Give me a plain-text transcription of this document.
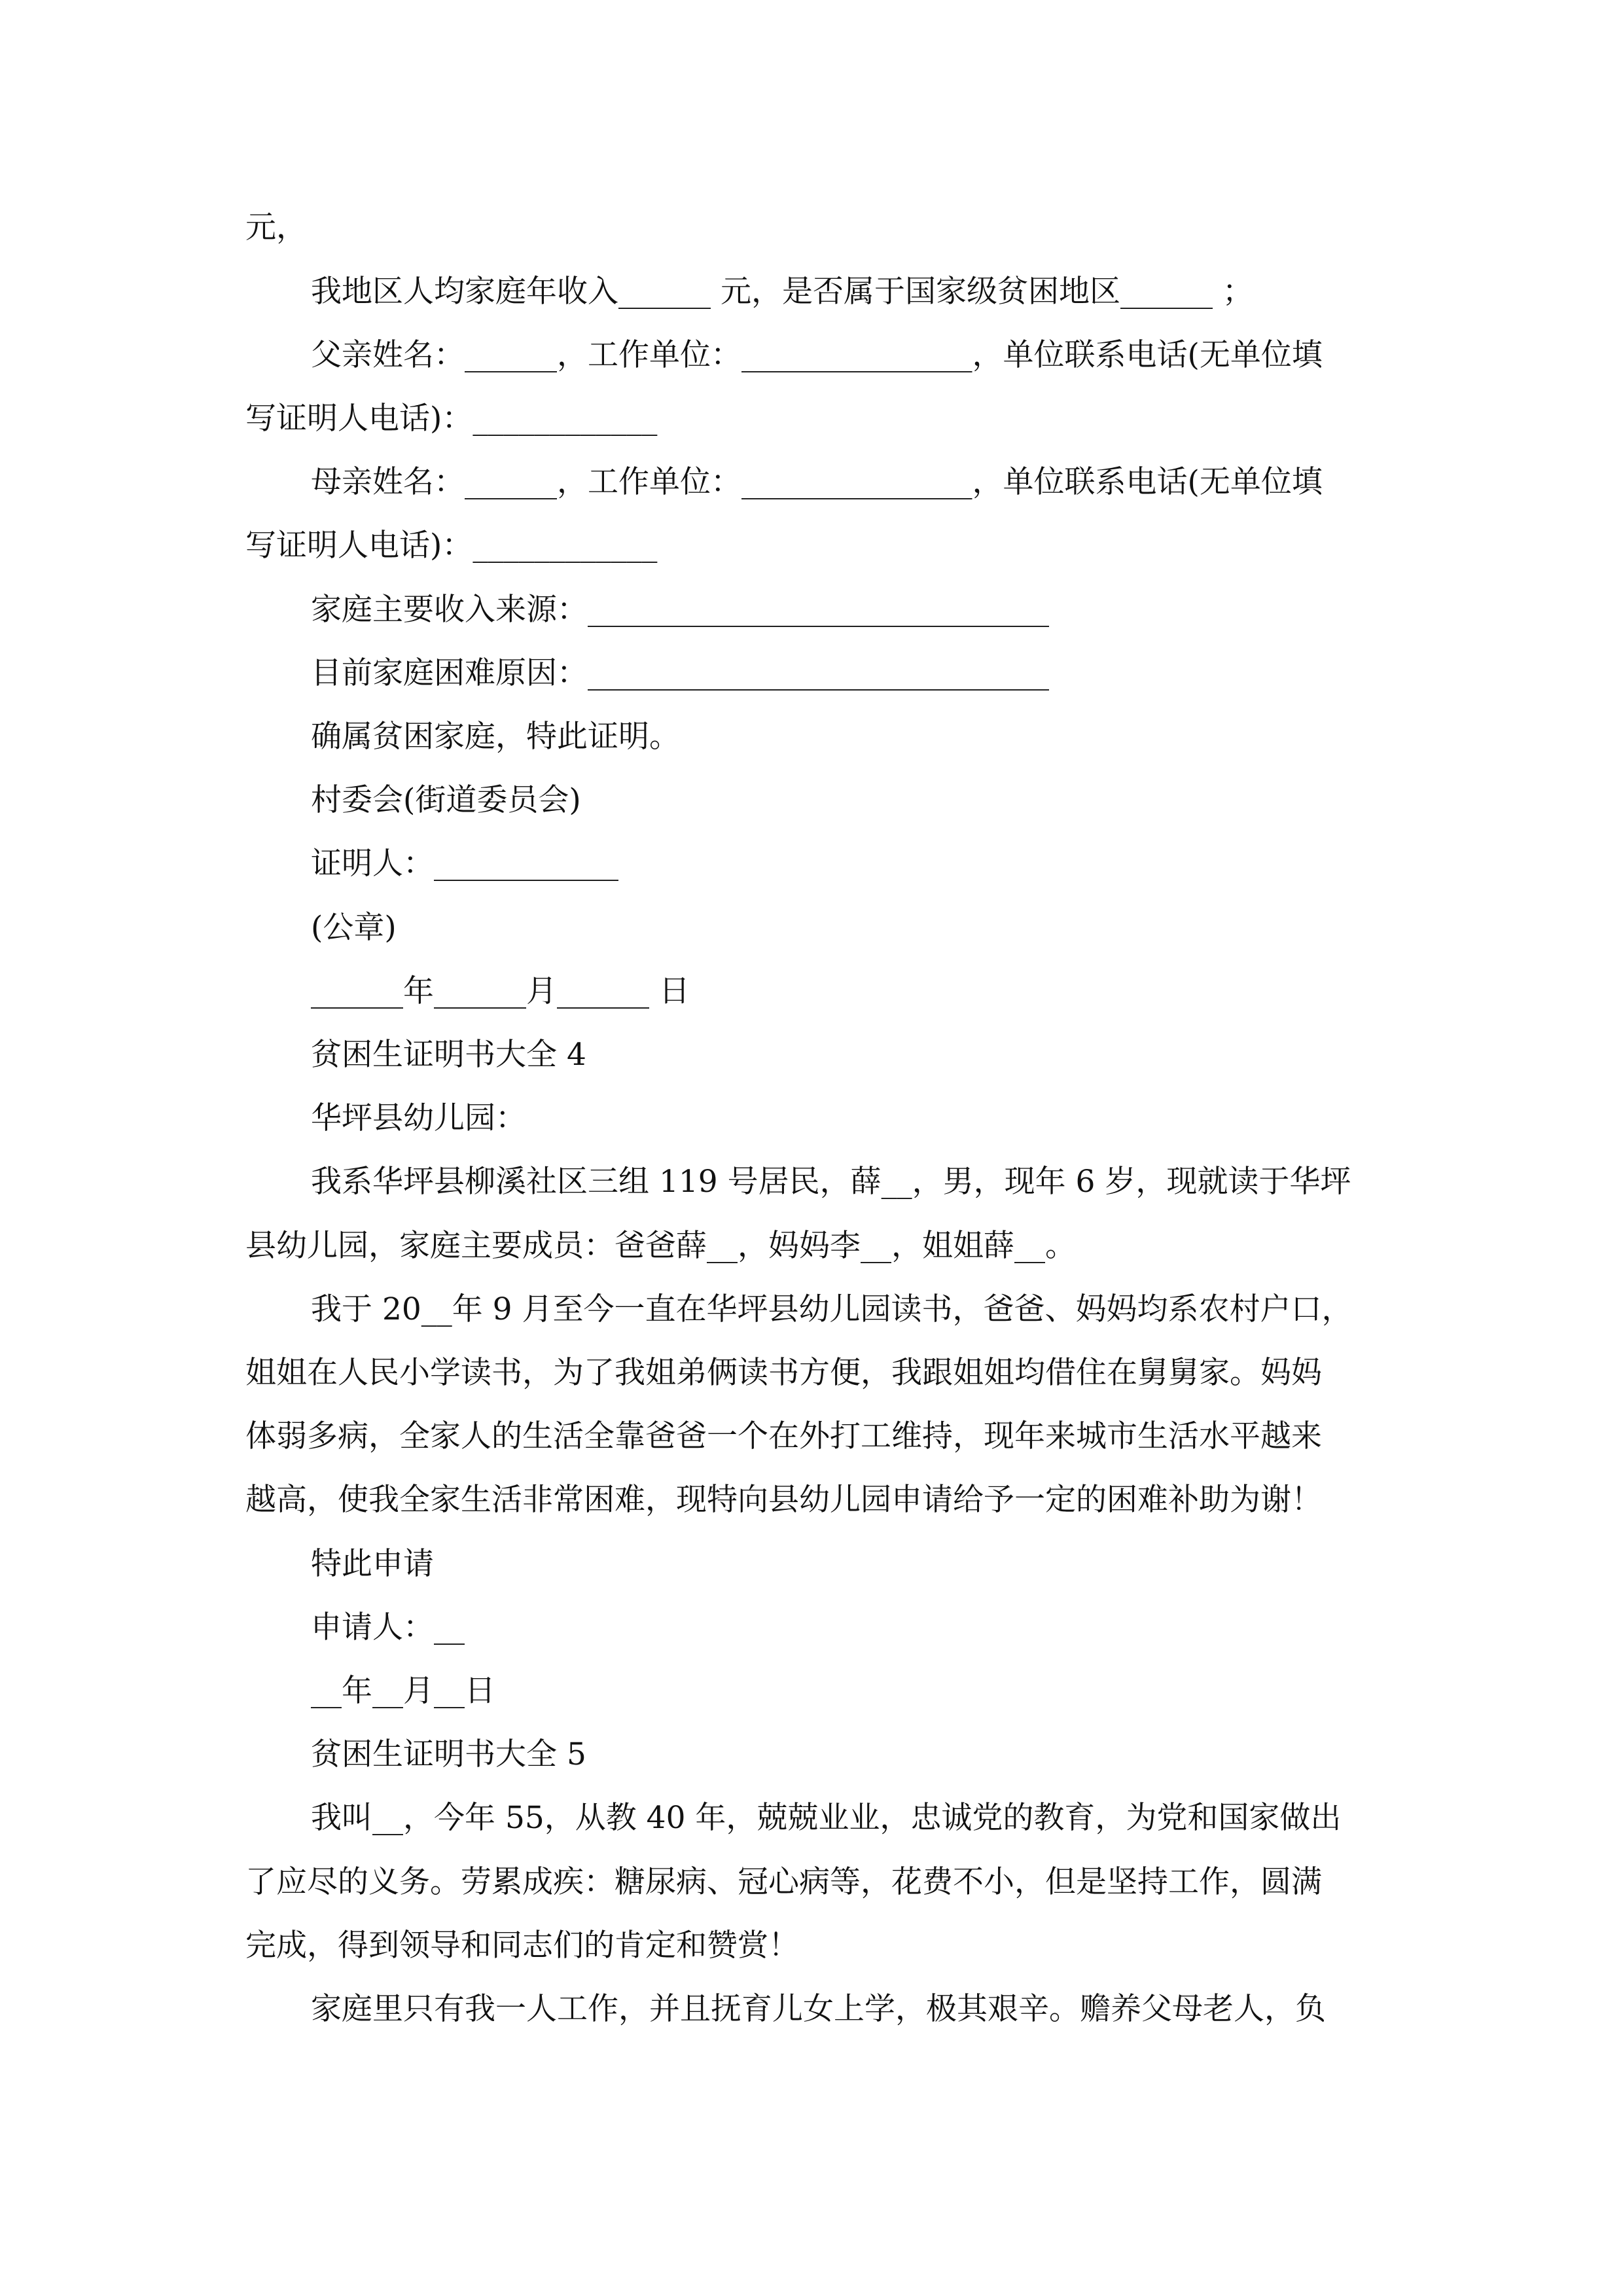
元，
我地区人均家庭年收入______ 元，是否属于国家级贫困地区______ ；
父亲姓名：______，工作单位：_______________，单位联系电话(无单位填
写证明人电话)：____________
母亲姓名：______，工作单位：_______________，单位联系电话(无单位填
写证明人电话)：____________
家庭主要收入来源：______________________________
目前家庭困难原因：______________________________
确属贫困家庭，特此证明。
村委会(街道委员会)
证明人：____________
(公章)
______年______月______ 日
贫困生证明书大全 4
华坪县幼儿园：
我系华坪县柳溪社区三组 119 号居民，薛__，男，现年 6 岁，现就读于华坪
县幼儿园，家庭主要成员：爸爸薛__，妈妈李__，姐姐薛__。
我于 20__年 9 月至今一直在华坪县幼儿园读书，爸爸、妈妈均系农村户口，
姐姐在人民小学读书，为了我姐弟俩读书方便，我跟姐姐均借住在舅舅家。妈妈
体弱多病，全家人的生活全靠爸爸一个在外打工维持，现年来城市生活水平越来
越高，使我全家生活非常困难，现特向县幼儿园申请给予一定的困难补助为谢！
特此申请
申请人：__
__年__月__日
贫困生证明书大全 5
我叫__，今年 55，从教 40 年，兢兢业业，忠诚党的教育，为党和国家做出
了应尽的义务。劳累成疾：糖尿病、冠心病等，花费不小，但是坚持工作，圆满
完成，得到领导和同志们的肯定和赞赏！
家庭里只有我一人工作，并且抚育儿女上学，极其艰辛。赡养父母老人，负
